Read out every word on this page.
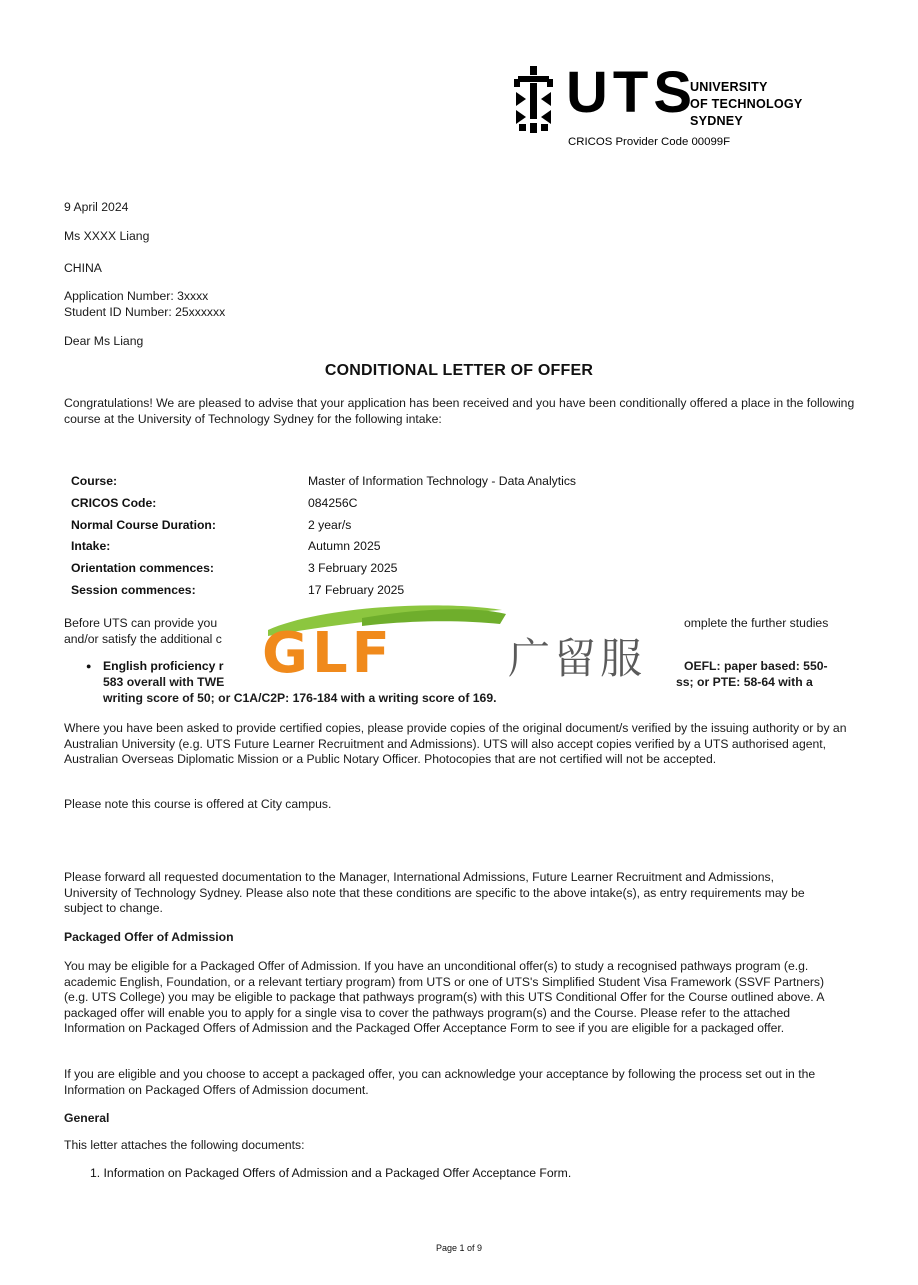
UTS
UNIVERSITY
OF TECHNOLOGY
SYDNEY
CRICOS Provider Code 00099F
9 April 2024
Ms XXXX Liang
CHINA
Application Number: 3xxxx
Student ID Number: 25xxxxxx
Dear Ms Liang
CONDITIONAL LETTER OF OFFER
Congratulations! We are pleased to advise that your application has been received and you have been conditionally offered a place in the following course at the University of Technology Sydney for the following intake:
Course:	Master of Information Technology - Data Analytics
CRICOS Code:	084256C
Normal Course Duration:	2 year/s
Intake:	Autumn 2025
Orientation commences:	3 February 2025
Session commences:	17 February 2025
Before UTS can provide you	omplete the further studies
and/or satisfy the additional c
● English proficiency r	OEFL: paper based: 550-
583 overall with TWE	ss; or PTE: 58-64 with a
writing score of 50; or C1A/C2P: 176-184 with a writing score of 169.
GLF	广留服
Where you have been asked to provide certified copies, please provide copies of the original document/s verified by the issuing authority or by an Australian University (e.g. UTS Future Learner Recruitment and Admissions). UTS will also accept copies verified by a UTS authorised agent, Australian Overseas Diplomatic Mission or a Public Notary Officer. Photocopies that are not certified will not be accepted.
Please note this course is offered at City campus.
Please forward all requested documentation to the Manager, International Admissions, Future Learner Recruitment and Admissions, University of Technology Sydney. Please also note that these conditions are specific to the above intake(s), as entry requirements may be subject to change.
Packaged Offer of Admission
You may be eligible for a Packaged Offer of Admission. If you have an unconditional offer(s) to study a recognised pathways program (e.g. academic English, Foundation, or a relevant tertiary program) from UTS or one of UTS's Simplified Student Visa Framework (SSVF Partners) (e.g. UTS College) you may be eligible to package that pathways program(s) with this UTS Conditional Offer for the Course outlined above. A packaged offer will enable you to apply for a single visa to cover the pathways program(s) and the Course. Please refer to the attached Information on Packaged Offers of Admission and the Packaged Offer Acceptance Form to see if you are eligible for a packaged offer.
If you are eligible and you choose to accept a packaged offer, you can acknowledge your acceptance by following the process set out in the Information on Packaged Offers of Admission document.
General
This letter attaches the following documents:
1. Information on Packaged Offers of Admission and a Packaged Offer Acceptance Form.
Page 1 of 9
